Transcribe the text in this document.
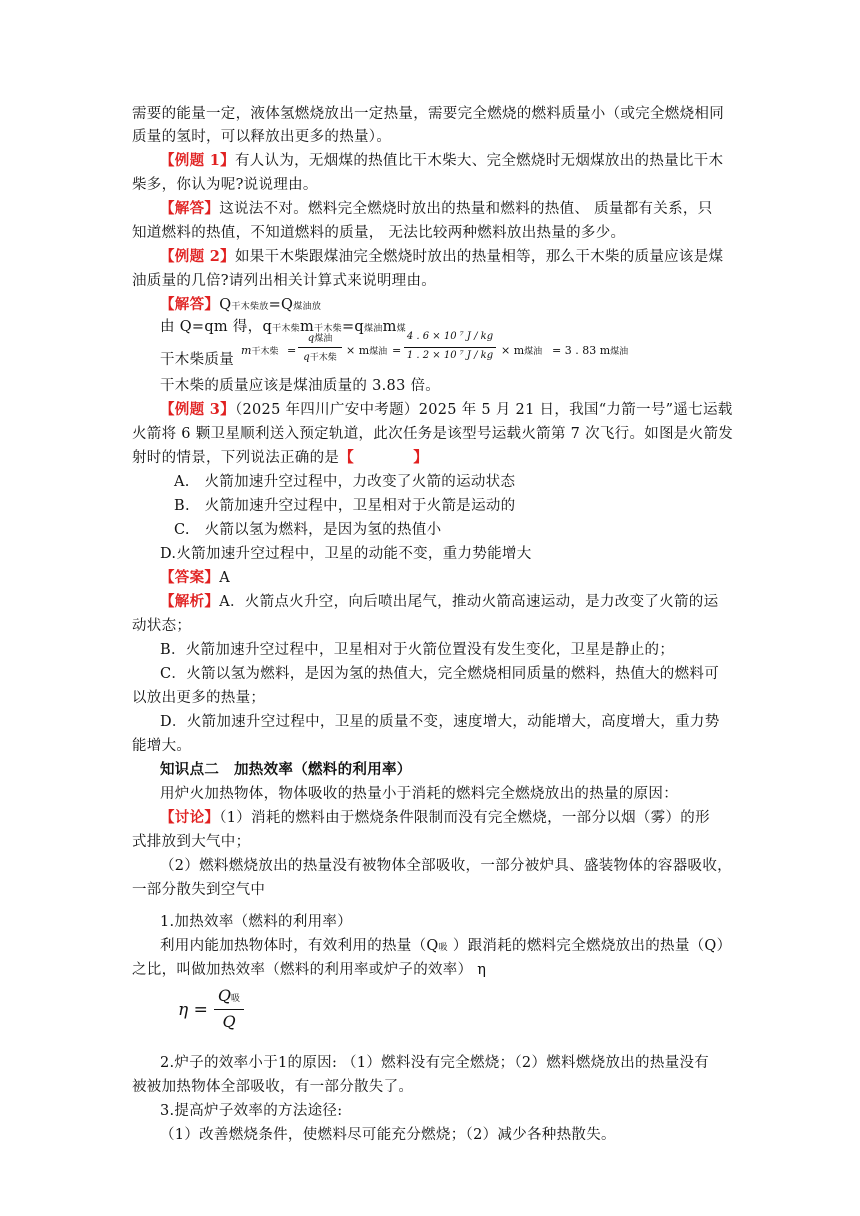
需要的能量一定，液体氢燃烧放出一定热量，需要完全燃烧的燃料质量小（或完全燃烧相同
质量的氢时，可以释放出更多的热量）。
【例题 1】有人认为，无烟煤的热值比干木柴大、完全燃烧时无烟煤放出的热量比干木
柴多，你认为呢?说说理由。
【解答】这说法不对。燃料完全燃烧时放出的热量和燃料的热值、 质量都有关系，只
知道燃料的热值，不知道燃料的质量， 无法比较两种燃料放出热量的多少。
【例题 2】如果干木柴跟煤油完全燃烧时放出的热量相等，那么干木柴的质量应该是煤
油质量的几倍?请列出相关计算式来说明理由。
【解答】Q干木柴放=Q煤油放
由 Q=qm 得，q干木柴m干木柴=q煤油m煤
干木柴质量
m干木柴 =
q煤油
q干木柴
× m煤油 =
4 . 6 × 10 ⁷ J / kg
1 . 2 × 10 ⁷ J / kg × m煤油 = 3 . 83 m煤油
干木柴的质量应该是煤油质量的 3.83 倍。
【例题 3】（2025 年四川广安中考题）2025 年 5 月 21 日，我国“力箭一号”遥七运载
火箭将 6 颗卫星顺利送入预定轨道，此次任务是该型号运载火箭第 7 次飞行。如图是火箭发
射时的情景，下列说法正确的是【　　　　】
A.　火箭加速升空过程中，力改变了火箭的运动状态
B.　火箭加速升空过程中，卫星相对于火箭是运动的
C.　火箭以氢为燃料，是因为氢的热值小
D.火箭加速升空过程中，卫星的动能不变，重力势能增大
【答案】A
【解析】A．火箭点火升空，向后喷出尾气，推动火箭高速运动，是力改变了火箭的运
动状态；
B．火箭加速升空过程中，卫星相对于火箭位置没有发生变化，卫星是静止的；
C．火箭以氢为燃料，是因为氢的热值大，完全燃烧相同质量的燃料，热值大的燃料可
以放出更多的热量；
D．火箭加速升空过程中，卫星的质量不变，速度增大，动能增大，高度增大，重力势
能增大。
知识点二　加热效率（燃料的利用率）
用炉火加热物体，物体吸收的热量小于消耗的燃料完全燃烧放出的热量的原因：
【讨论】（1）消耗的燃料由于燃烧条件限制而没有完全燃烧，一部分以烟（雾）的形
式排放到大气中；
（2）燃料燃烧放出的热量没有被物体全部吸收，一部分被炉具、盛装物体的容器吸收，
一部分散失到空气中
1.加热效率（燃料的利用率）
利用内能加热物体时，有效利用的热量（Q吸 ）跟消耗的燃料完全燃烧放出的热量（Q）
之比，叫做加热效率（燃料的利用率或炉子的效率） η
η =
Q吸
Q
2.炉子的效率小于1的原因: （1）燃料没有完全燃烧；（2）燃料燃烧放出的热量没有
被被加热物体全部吸收，有一部分散失了。
3.提高炉子效率的方法途径:
（1）改善燃烧条件，使燃料尽可能充分燃烧；（2）减少各种热散失。
